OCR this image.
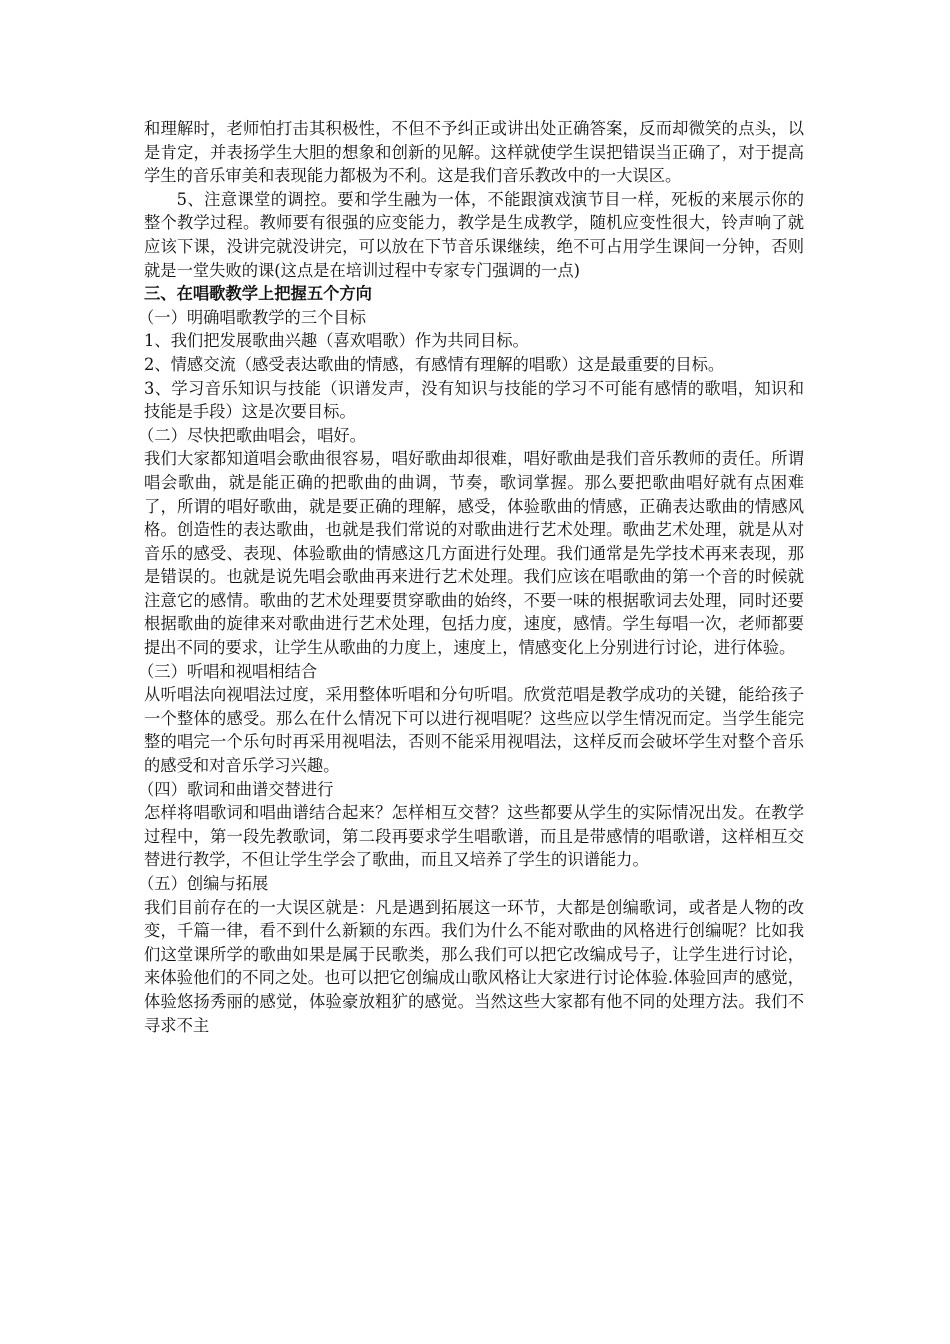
和理解时，老师怕打击其积极性，不但不予纠正或讲出处正确答案，反而却微笑的点头，以是肯定，并表扬学生大胆的想象和创新的见解。这样就使学生误把错误当正确了，对于提高学生的音乐审美和表现能力都极为不利。这是我们音乐教改中的一大误区。

5、注意课堂的调控。要和学生融为一体，不能跟演戏演节目一样，死板的来展示你的整个教学过程。教师要有很强的应变能力，教学是生成教学，随机应变性很大，铃声响了就应该下课，没讲完就没讲完，可以放在下节音乐课继续，绝不可占用学生课间一分钟，否则就是一堂失败的课(这点是在培训过程中专家专门强调的一点)

三、在唱歌教学上把握五个方向

（一）明确唱歌教学的三个目标

1、我们把发展歌曲兴趣（喜欢唱歌）作为共同目标。

2、情感交流（感受表达歌曲的情感，有感情有理解的唱歌）这是最重要的目标。

3、学习音乐知识与技能（识谱发声，没有知识与技能的学习不可能有感情的歌唱，知识和技能是手段）这是次要目标。

（二）尽快把歌曲唱会，唱好。

我们大家都知道唱会歌曲很容易，唱好歌曲却很难，唱好歌曲是我们音乐教师的责任。所谓唱会歌曲，就是能正确的把歌曲的曲调，节奏，歌词掌握。那么要把歌曲唱好就有点困难了，所谓的唱好歌曲，就是要正确的理解，感受，体验歌曲的情感，正确表达歌曲的情感风格。创造性的表达歌曲，也就是我们常说的对歌曲进行艺术处理。歌曲艺术处理，就是从对音乐的感受、表现、体验歌曲的情感这几方面进行处理。我们通常是先学技术再来表现，那是错误的。也就是说先唱会歌曲再来进行艺术处理。我们应该在唱歌曲的第一个音的时候就注意它的感情。歌曲的艺术处理要贯穿歌曲的始终，不要一味的根据歌词去处理，同时还要根据歌曲的旋律来对歌曲进行艺术处理，包括力度，速度，感情。学生每唱一次，老师都要提出不同的要求，让学生从歌曲的力度上，速度上，情感变化上分别进行讨论，进行体验。

（三）听唱和视唱相结合

从听唱法向视唱法过度，采用整体听唱和分句听唱。欣赏范唱是教学成功的关键，能给孩子一个整体的感受。那么在什么情况下可以进行视唱呢？这些应以学生情况而定。当学生能完整的唱完一个乐句时再采用视唱法，否则不能采用视唱法，这样反而会破坏学生对整个音乐的感受和对音乐学习兴趣。

（四）歌词和曲谱交替进行

怎样将唱歌词和唱曲谱结合起来？怎样相互交替？这些都要从学生的实际情况出发。在教学过程中，第一段先教歌词，第二段再要求学生唱歌谱，而且是带感情的唱歌谱，这样相互交替进行教学，不但让学生学会了歌曲，而且又培养了学生的识谱能力。

（五）创编与拓展

我们目前存在的一大误区就是：凡是遇到拓展这一环节，大都是创编歌词，或者是人物的改变，千篇一律，看不到什么新颖的东西。我们为什么不能对歌曲的风格进行创编呢？比如我们这堂课所学的歌曲如果是属于民歌类，那么我们可以把它改编成号子，让学生进行讨论，来体验他们的不同之处。也可以把它创编成山歌风格让大家进行讨论体验.体验回声的感觉，体验悠扬秀丽的感觉，体验豪放粗犷的感觉。当然这些大家都有他不同的处理方法。我们不寻求不主
